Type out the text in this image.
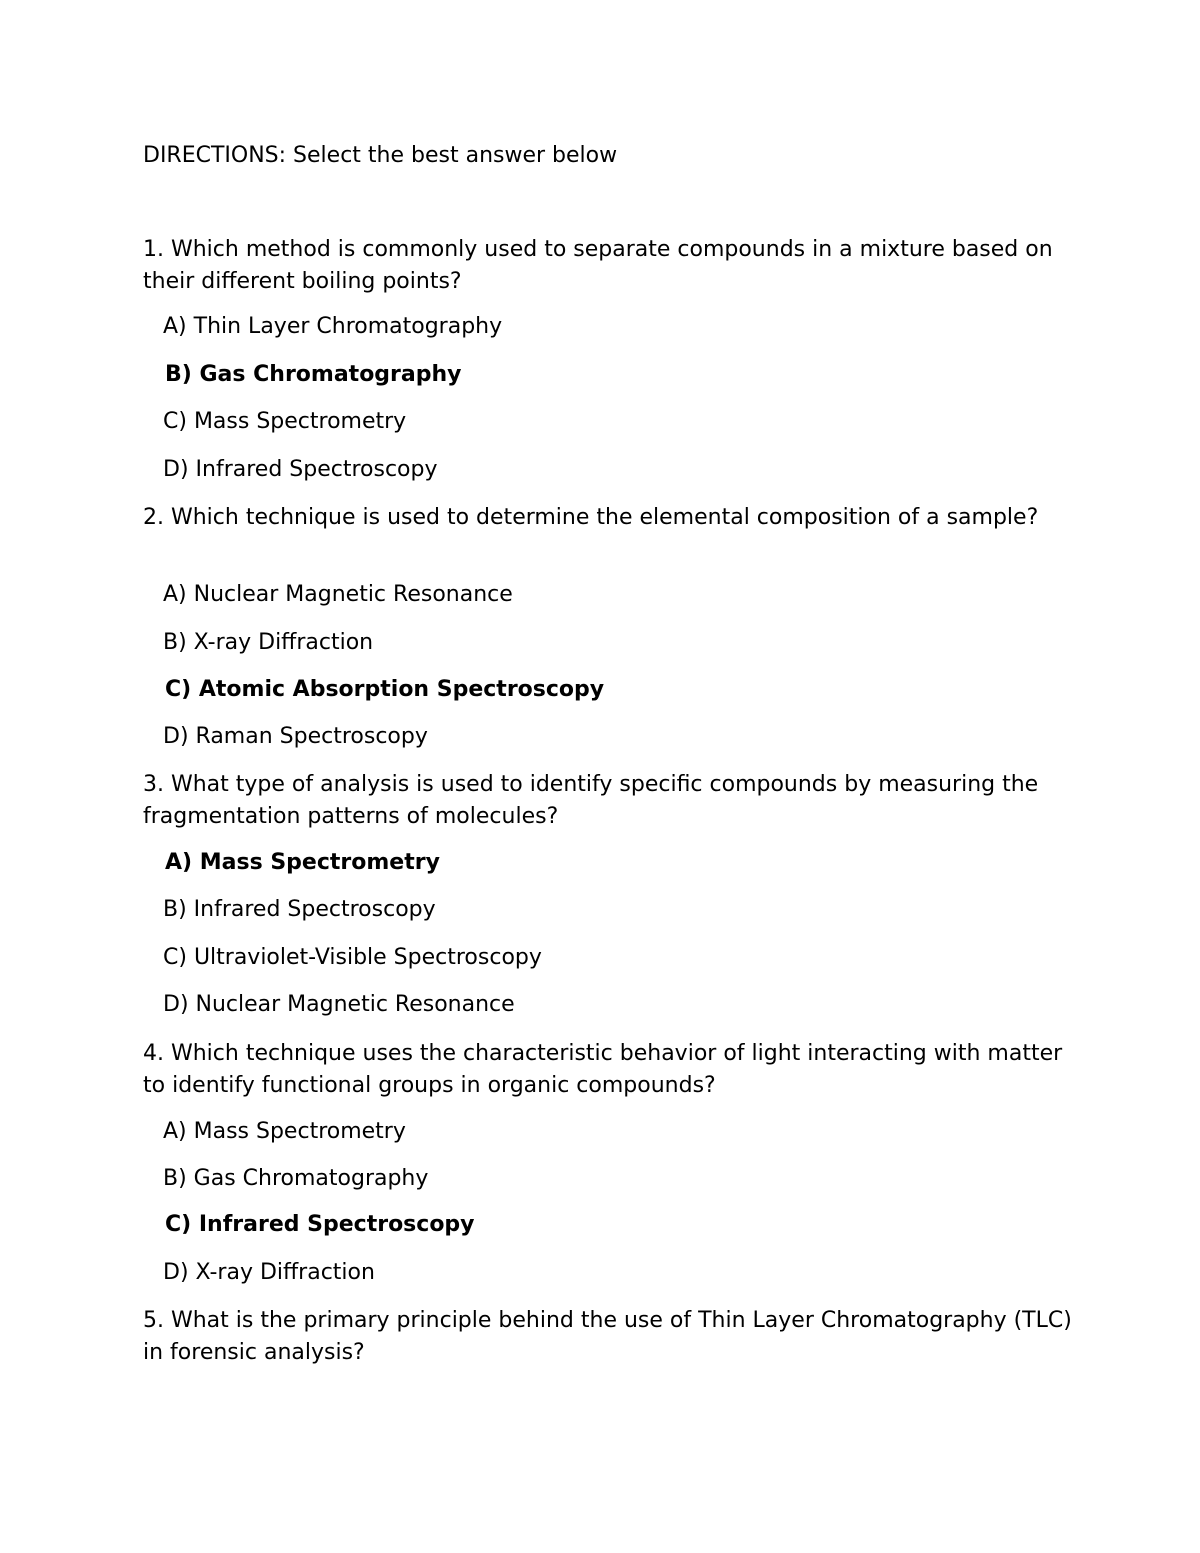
DIRECTIONS: Select the best answer below
1. Which method is commonly used to separate compounds in a mixture based on their different boiling points?
A) Thin Layer Chromatography
B) Gas Chromatography
C) Mass Spectrometry
D) Infrared Spectroscopy
2. Which technique is used to determine the elemental composition of a sample?
A) Nuclear Magnetic Resonance
B) X-ray Diffraction
C) Atomic Absorption Spectroscopy
D) Raman Spectroscopy
3. What type of analysis is used to identify specific compounds by measuring the fragmentation patterns of molecules?
A) Mass Spectrometry
B) Infrared Spectroscopy
C) Ultraviolet-Visible Spectroscopy
D) Nuclear Magnetic Resonance
4. Which technique uses the characteristic behavior of light interacting with matter to identify functional groups in organic compounds?
A) Mass Spectrometry
B) Gas Chromatography
C) Infrared Spectroscopy
D) X-ray Diffraction
5. What is the primary principle behind the use of Thin Layer Chromatography (TLC) in forensic analysis?
